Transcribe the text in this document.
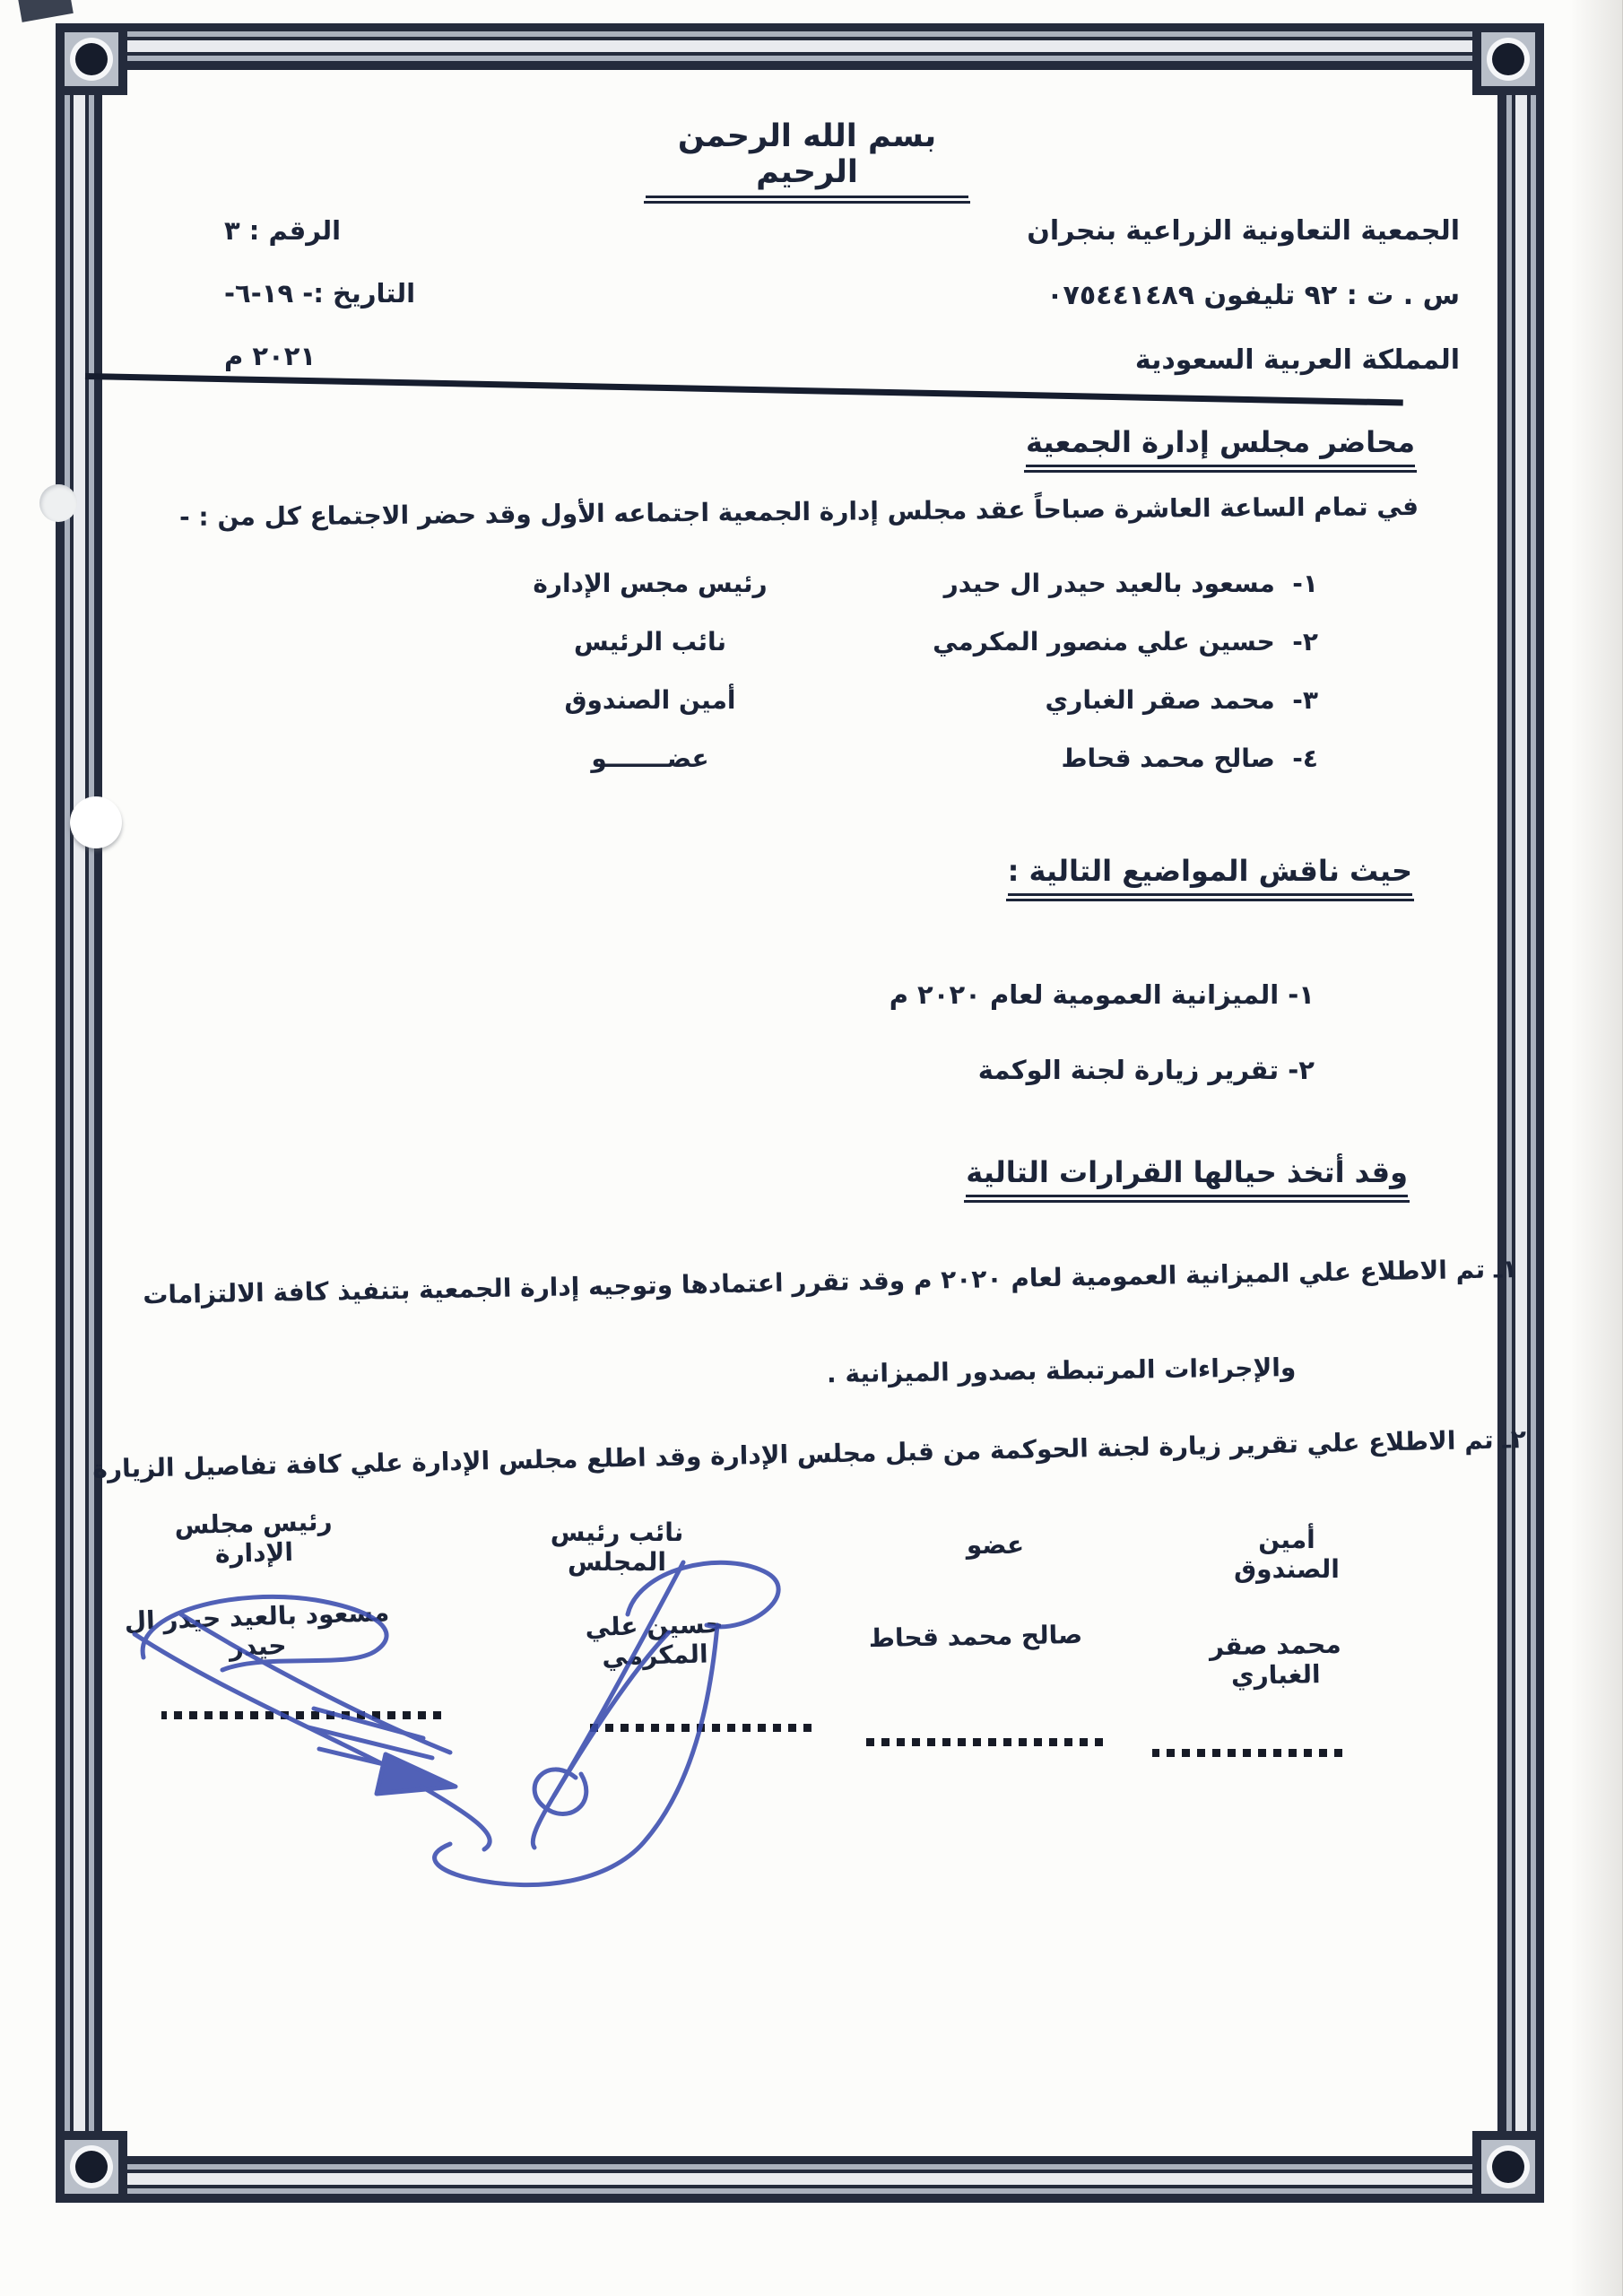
بسم الله الرحمن الرحيم
الجمعية التعاونية الزراعية بنجران
س . ت : ٩٢ تليفون ٠٧٥٤٤١٤٨٩
المملكة العربية السعودية
الرقم : ٣
التاريخ :- ١٩-٦- ٢٠٢١ م
محاضر مجلس إدارة الجمعية
في تمام الساعة العاشرة صباحاً عقد مجلس إدارة الجمعية اجتماعه الأول وقد حضر الاجتماع كل من : -
١-  مسعود بالعيد حيدر ال حيدر
٢-  حسين علي منصور المكرمي
٣-  محمد صقر الغباري
٤-  صالح محمد قحاط
رئيس مجس الإدارة
نائب الرئيس
أمين الصندوق
عضـــــــو
حيث ناقش المواضيع التالية :
١- الميزانية العمومية لعام ٢٠٢٠ م
٢- تقرير زيارة لجنة الوكمة
وقد أتخذ حيالها القرارات التالية
١ـ تم الاطلاع علي الميزانية العمومية لعام ٢٠٢٠ م وقد تقرر اعتمادها وتوجيه إدارة الجمعية بتنفيذ كافة الالتزامات
والإجراءات المرتبطة بصدور الميزانية .
٢ـ تم الاطلاع علي تقرير زيارة لجنة الحوكمة من قبل مجلس الإدارة وقد اطلع مجلس الإدارة علي كافة تفاصيل الزيارة
أمين الصندوق
عضو
نائب رئيس المجلس
رئيس مجلس الإدارة
محمد صقر الغباري
صالح محمد قحاط
حسين علي المكرمي
مسعود بالعيد حيدر ال حيدر
